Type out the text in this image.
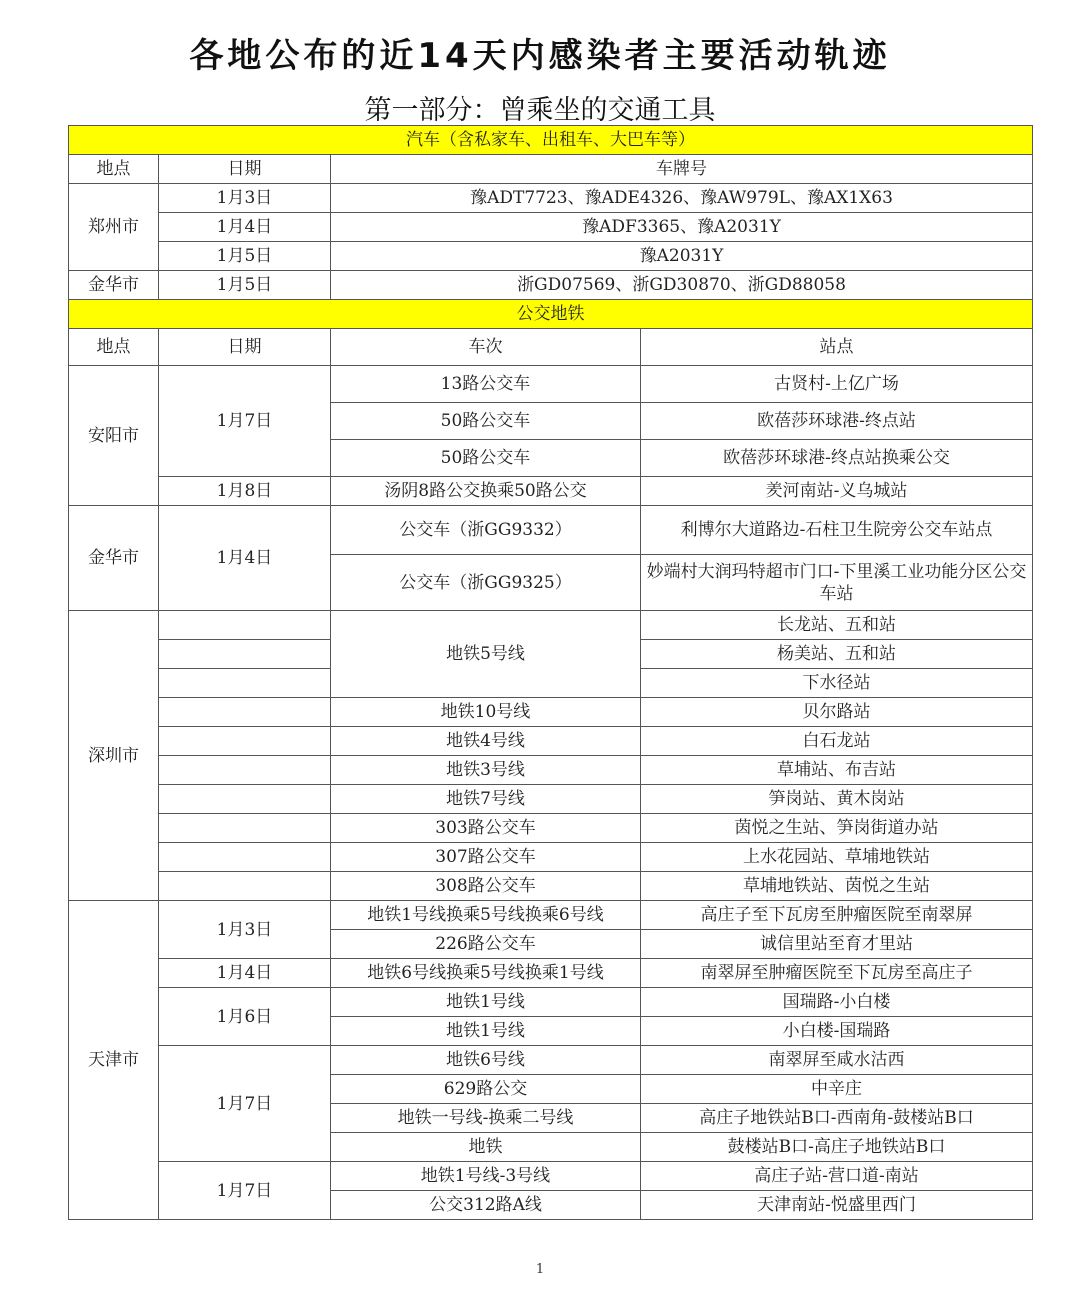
各地公布的近14天内感染者主要活动轨迹
第一部分：曾乘坐的交通工具
汽车（含私家车、出租车、大巴车等）			
地点	日期	车牌号	
郑州市	1月3日	豫ADT7723、豫ADE4326、豫AW979L、豫AX1X63	
	1月4日	豫ADF3365、豫A2031Y	
	1月5日	豫A2031Y	
金华市	1月5日	浙GD07569、浙GD30870、浙GD88058	
公交地铁			
地点	日期	车次	站点
安阳市	1月7日	13路公交车	古贤村-上亿广场
		50路公交车	欧蓓莎环球港-终点站
		50路公交车	欧蓓莎环球港-终点站换乘公交
	1月8日	汤阴8路公交换乘50路公交	羑河南站-义乌城站
金华市	1月4日	公交车（浙GG9332）	利博尔大道路边-石柱卫生院旁公交车站点
		公交车（浙GG9325）	妙端村大润玛特超市门口-下里溪工业功能分区公交车站
深圳市		地铁5号线	长龙站、五和站
			杨美站、五和站
			下水径站
		地铁10号线	贝尔路站
		地铁4号线	白石龙站
		地铁3号线	草埔站、布吉站
		地铁7号线	笋岗站、黄木岗站
		303路公交车	茵悦之生站、笋岗街道办站
		307路公交车	上水花园站、草埔地铁站
		308路公交车	草埔地铁站、茵悦之生站
天津市	1月3日	地铁1号线换乘5号线换乘6号线	高庄子至下瓦房至肿瘤医院至南翠屏
		226路公交车	诚信里站至育才里站
	1月4日	地铁6号线换乘5号线换乘1号线	南翠屏至肿瘤医院至下瓦房至高庄子
	1月6日	地铁1号线	国瑞路-小白楼
		地铁1号线	小白楼-国瑞路
	1月7日	地铁6号线	南翠屏至咸水沽西
		629路公交	中辛庄
		地铁一号线-换乘二号线	高庄子地铁站B口-西南角-鼓楼站B口
		地铁	鼓楼站B口-高庄子地铁站B口
	1月7日	地铁1号线-3号线	高庄子站-营口道-南站
		公交312路A线	天津南站-悦盛里西门
1
